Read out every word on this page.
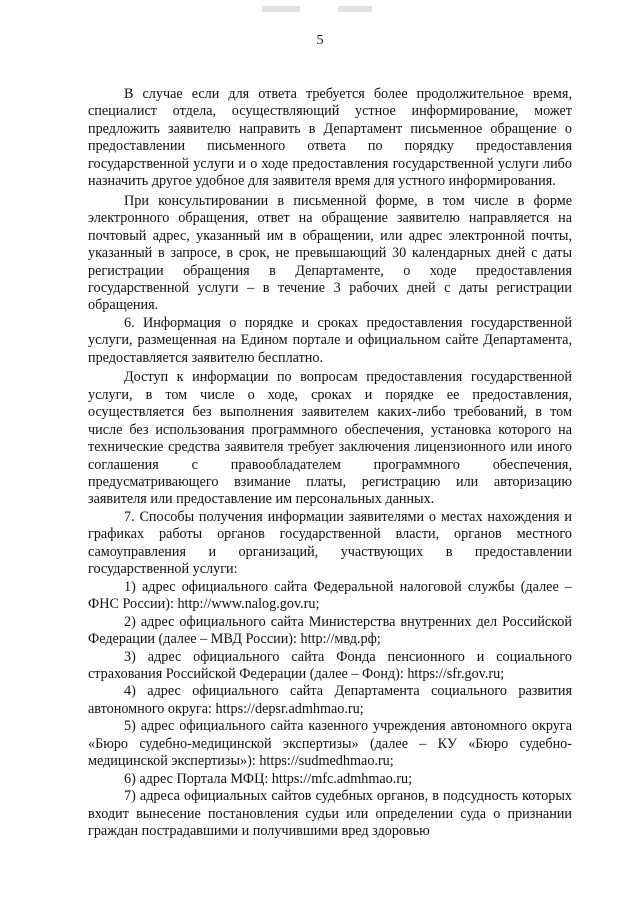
5

В случае если для ответа требуется более продолжительное время, специалист отдела, осуществляющий устное информирование, может предложить заявителю направить в Департамент письменное обращение о предоставлении письменного ответа по порядку предоставления государственной услуги и о ходе предоставления государственной услуги либо назначить другое удобное для заявителя время для устного информирования.

При консультировании в письменной форме, в том числе в форме электронного обращения, ответ на обращение заявителю направляется на почтовый адрес, указанный им в обращении, или адрес электронной почты, указанный в запросе, в срок, не превышающий 30 календарных дней с даты регистрации обращения в Департаменте, о ходе предоставления государственной услуги – в течение 3 рабочих дней с даты регистрации обращения.

6. Информация о порядке и сроках предоставления государственной услуги, размещенная на Едином портале и официальном сайте Департамента, предоставляется заявителю бесплатно.

Доступ к информации по вопросам предоставления государственной услуги, в том числе о ходе, сроках и порядке ее предоставления, осуществляется без выполнения заявителем каких-либо требований, в том числе без использования программного обеспечения, установка которого на технические средства заявителя требует заключения лицензионного или иного соглашения с правообладателем программного обеспечения, предусматривающего взимание платы, регистрацию или авторизацию заявителя или предоставление им персональных данных.

7. Способы получения информации заявителями о местах нахождения и графиках работы органов государственной власти, органов местного самоуправления и организаций, участвующих в предоставлении государственной услуги:

1) адрес официального сайта Федеральной налоговой службы (далее – ФНС России): http://www.nalog.gov.ru;

2) адрес официального сайта Министерства внутренних дел Российской Федерации (далее – МВД России): http://мвд.рф;

3) адрес официального сайта Фонда пенсионного и социального страхования Российской Федерации (далее – Фонд): https://sfr.gov.ru;

4) адрес официального сайта Департамента социального развития автономного округа: https://depsr.admhmao.ru;

5) адрес официального сайта казенного учреждения автономного округа «Бюро судебно-медицинской экспертизы» (далее – КУ «Бюро судебно-медицинской экспертизы»): https://sudmedhmao.ru;

6) адрес Портала МФЦ: https://mfc.admhmao.ru;

7) адреса официальных сайтов судебных органов, в подсудность которых входит вынесение постановления судьи или определении суда о признании граждан пострадавшими и получившими вред здоровью
